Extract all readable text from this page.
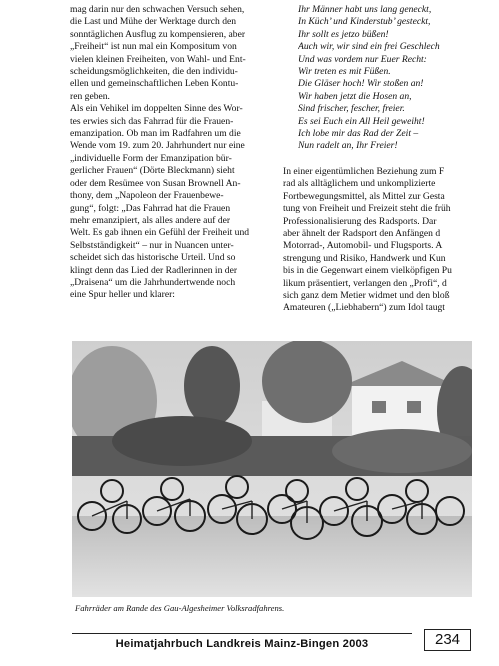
mag darin nur den schwachen Versuch sehen,
die Last und Mühe der Werktage durch den
sonntäglichen Ausflug zu kompensieren, aber
„Freiheit“ ist nun mal ein Kompositum von
vielen kleinen Freiheiten, von Wahl- und Ent-
scheidungsmöglichkeiten, die den individu-
ellen und gemeinschaftlichen Leben Kontu-
ren geben.
Als ein Vehikel im doppelten Sinne des Wor-
tes erwies sich das Fahrrad für die Frauen-
emanzipation. Ob man im Radfahren um die
Wende vom 19. zum 20. Jahrhundert nur eine
„individuelle Form der Emanzipation bür-
gerlicher Frauen“ (Dörte Bleckmann) sieht
oder dem Resümee von Susan Brownell An-
thony, dem „Napoleon der Frauenbewe-
gung“, folgt: „Das Fahrrad hat die Frauen
mehr emanzipiert, als alles andere auf der
Welt. Es gab ihnen ein Gefühl der Freiheit und
Selbstständigkeit“ – nur in Nuancen unter-
scheidet sich das historische Urteil. Und so
klingt denn das Lied der Radlerinnen in der
„Draisena“ um die Jahrhundertwende noch
eine Spur heller und klarer:
Ihr Männer habt uns lang geneckt,
In Küch’ und Kinderstub’ gesteckt,
Ihr sollt es jetzo büßen!
Auch wir, wir sind ein frei Geschlech
Und was vordem nur Euer Recht:
Wir treten es mit Füßen.
Die Gläser hoch! Wir stoßen an!
Wir haben jetzt die Hosen an,
Sind frischer, fescher, freier.
Es sei Euch ein All Heil geweiht!
Ich lobe mir das Rad der Zeit –
Nun radelt an, Ihr Freier!
In einer eigentümlichen Beziehung zum F
rad als alltäglichem und unkomplizierte
Fortbewegungsmittel, als Mittel zur Gesta
tung von Freiheit und Freizeit steht die früh
Professionalisierung des Radsports. Dar
aber ähnelt der Radsport den Anfängen d
Motorrad-, Automobil- und Flugsports. A
strengung und Risiko, Handwerk und Kun
bis in die Gegenwart einem vielköpfigen Pu
likum präsentiert, verlangen den „Profi“, d
sich ganz dem Metier widmet und den bloß
Amateuren („Liebhabern“) zum Idol taugt
Fahrräder am Rande des Gau-Algesheimer Volksradfahrens.
Heimatjahrbuch Landkreis Mainz-Bingen 2003	234
